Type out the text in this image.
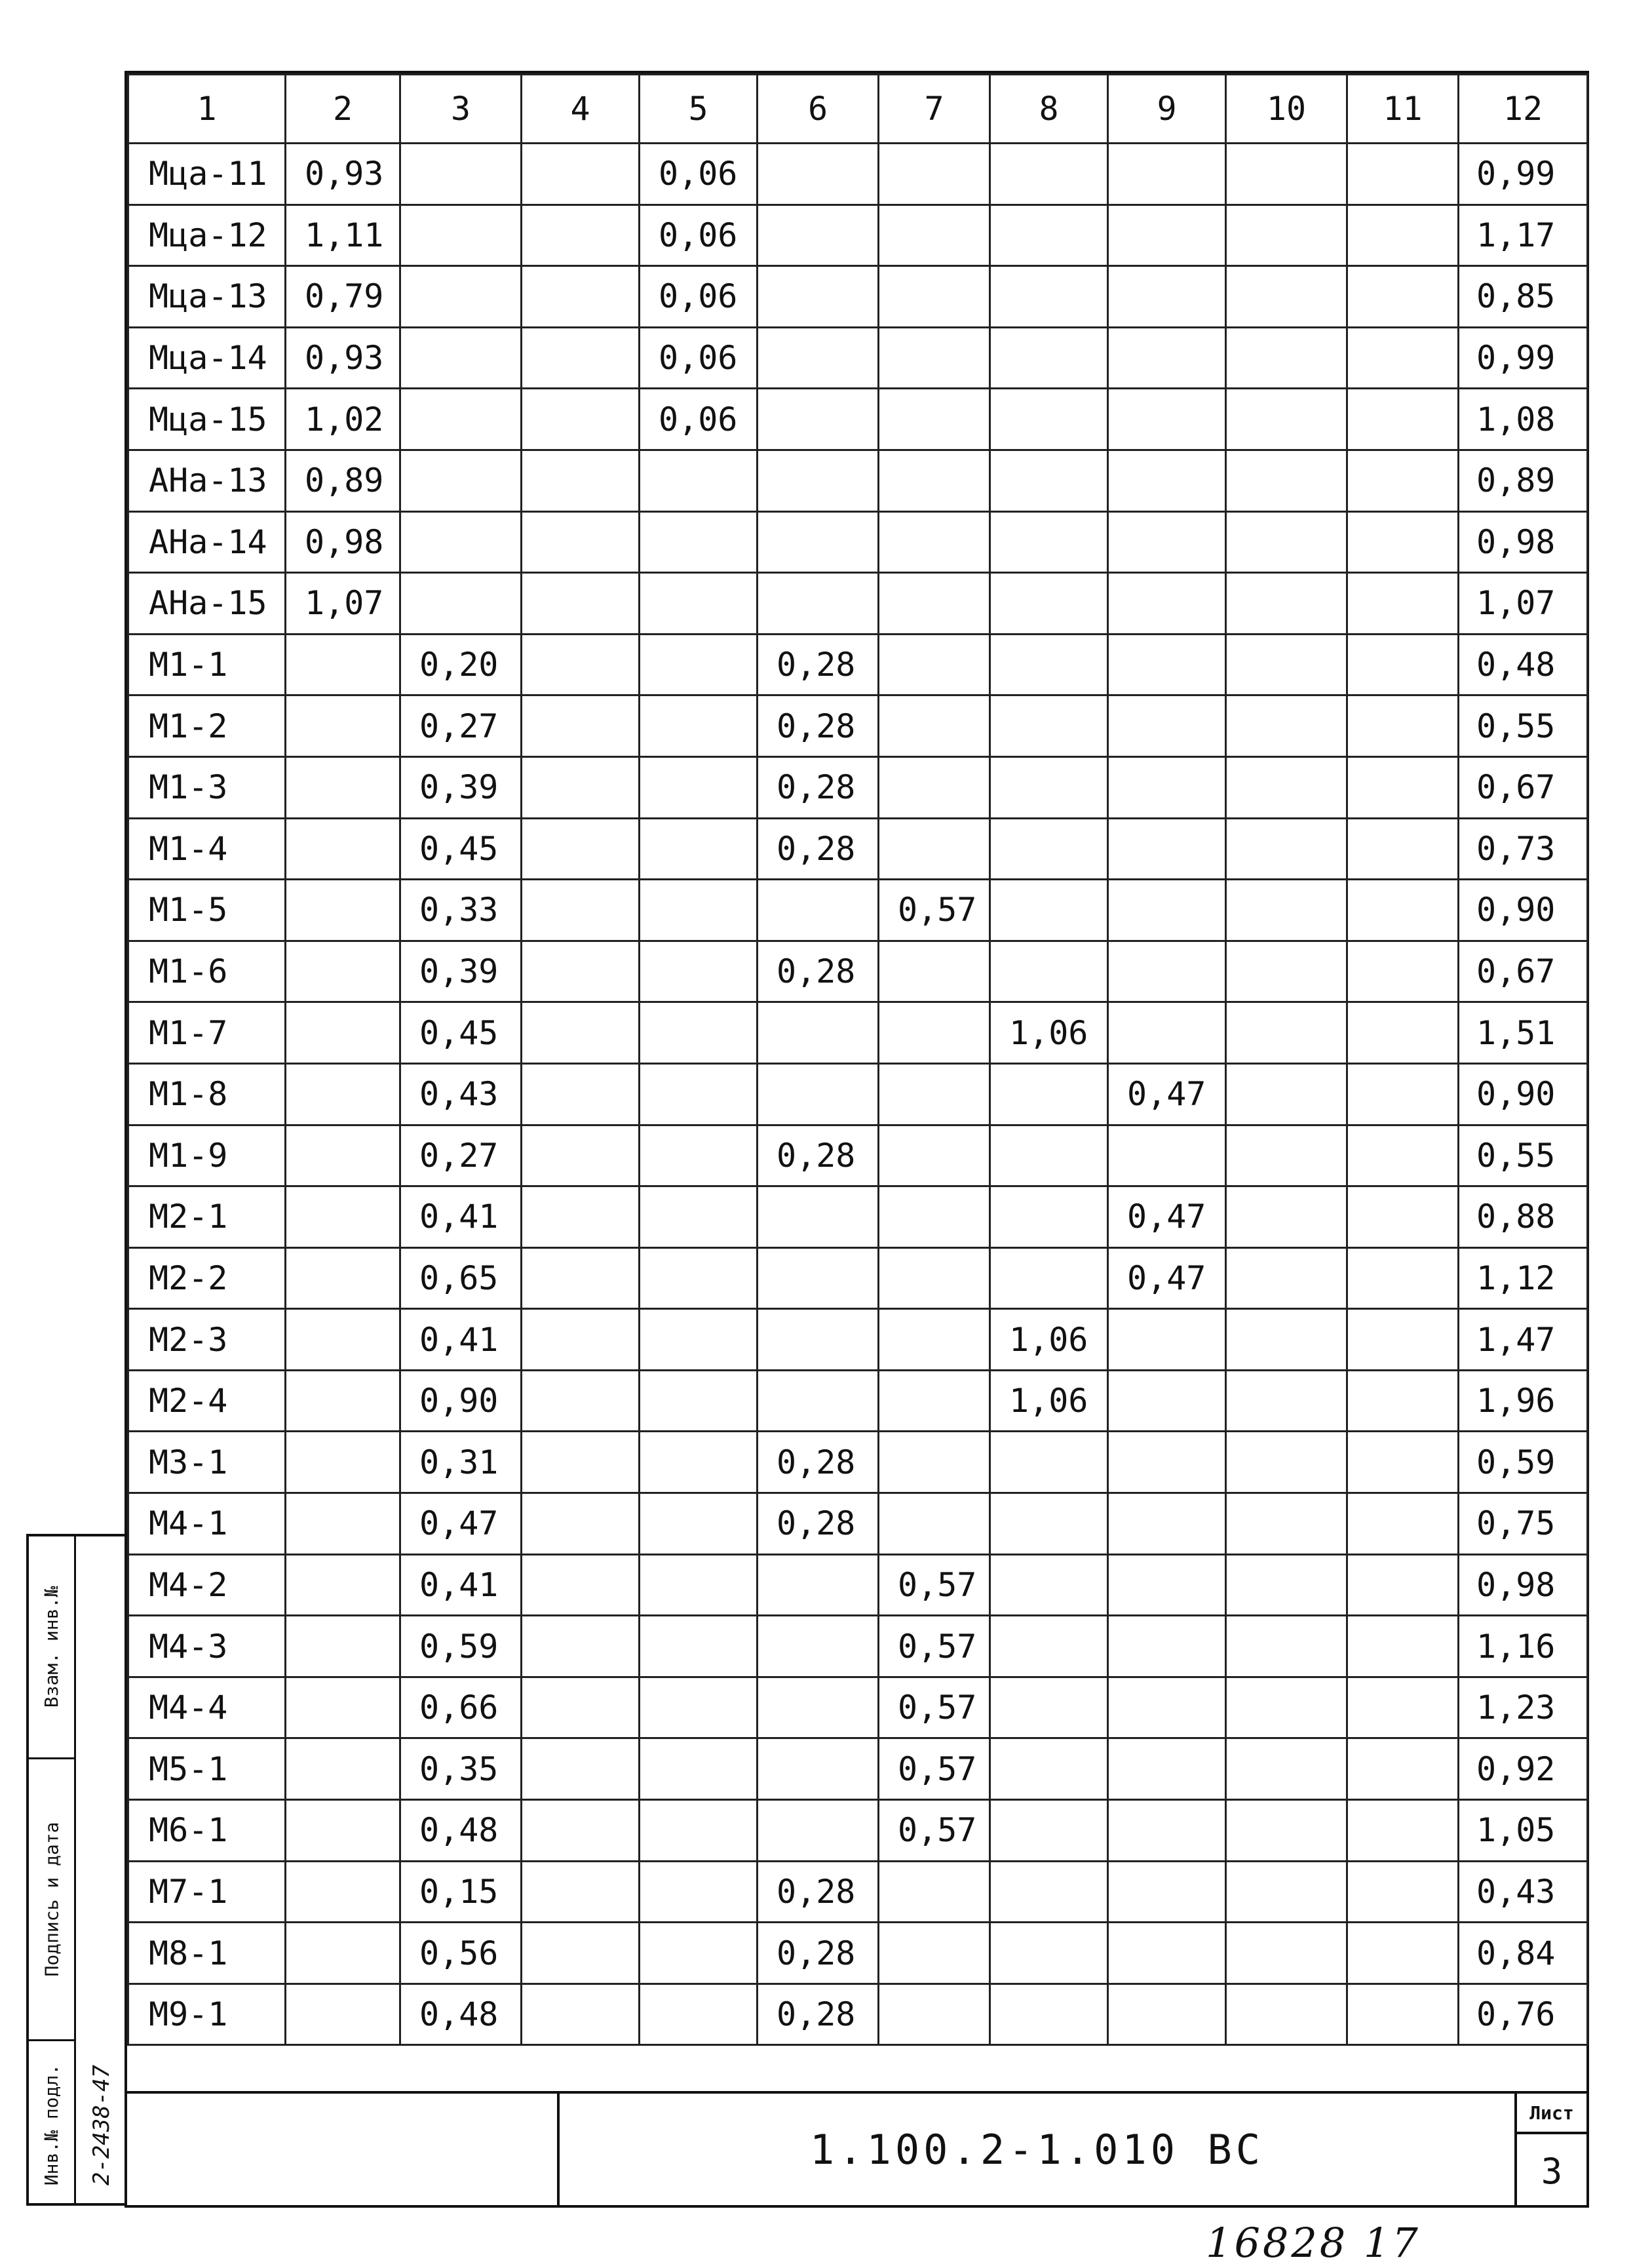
1	2	3	4	5	6	7	8	9	10	11	12
Мца-11	0,93			0,06							0,99
Мца-12	1,11			0,06							1,17
Мца-13	0,79			0,06							0,85
Мца-14	0,93			0,06							0,99
Мца-15	1,02			0,06							1,08
АНа-13	0,89										0,89
АНа-14	0,98										0,98
АНа-15	1,07										1,07
М1-1		0,20			0,28						0,48
М1-2		0,27			0,28						0,55
М1-3		0,39			0,28						0,67
М1-4		0,45			0,28						0,73
М1-5		0,33				0,57					0,90
М1-6		0,39			0,28						0,67
М1-7		0,45					1,06				1,51
М1-8		0,43						0,47			0,90
М1-9		0,27			0,28						0,55
М2-1		0,41						0,47			0,88
М2-2		0,65						0,47			1,12
М2-3		0,41					1,06				1,47
М2-4		0,90					1,06				1,96
М3-1		0,31			0,28						0,59
М4-1		0,47			0,28						0,75
М4-2		0,41				0,57					0,98
М4-3		0,59				0,57					1,16
М4-4		0,66				0,57					1,23
М5-1		0,35				0,57					0,92
М6-1		0,48				0,57					1,05
М7-1		0,15			0,28						0,43
М8-1		0,56			0,28						0,84
М9-1		0,48			0,28						0,76
1.100.2-1.010 ВС
Лист
3
Взам. инв.№
Подпись и дата
Инв.№ подл. 2-2438-47
16828 17
